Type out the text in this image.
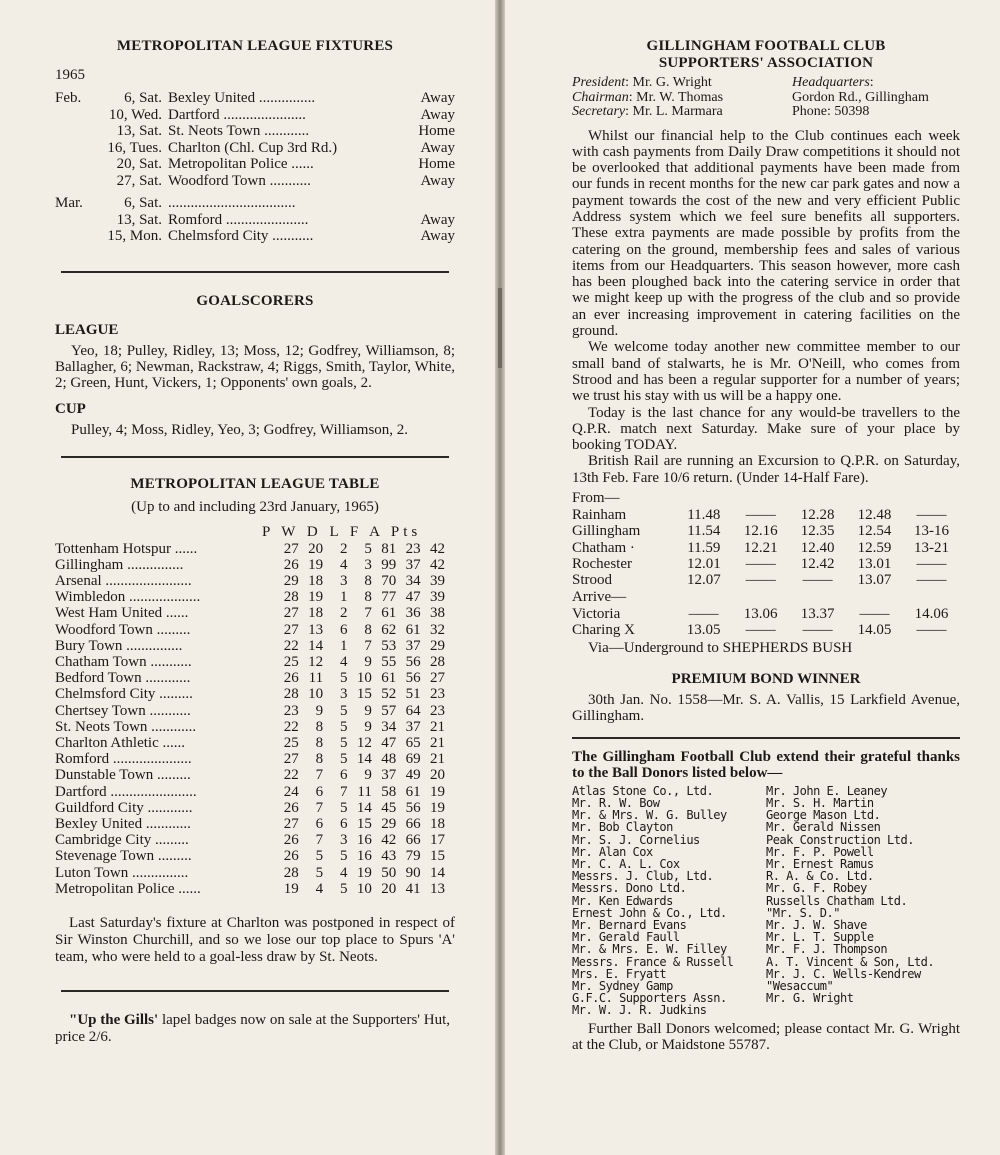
METROPOLITAN LEAGUE FIXTURES
1965
Feb.	6, Sat. Bexley United ...............	Away
10, Wed. Dartford ......................	Away
13, Sat. St. Neots Town ............	Home
16, Tues. Charlton (Chl. Cup 3rd Rd.)	Away
20, Sat. Metropolitan Police ......	Home
27, Sat. Woodford Town ...........	Away
Mar.	6, Sat. ..................................
13, Sat. Romford ......................	Away
15, Mon. Chelmsford City ...........	Away
GOALSCORERS
LEAGUE

Yeo, 18; Pulley, Ridley, 13; Moss, 12; Godfrey, Williamson, 8; Ballagher, 6; Newman, Rackstraw, 4; Riggs, Smith, Taylor, White, 2; Green, Hunt, Vickers, 1; Opponents' own goals, 2.

CUP

Pulley, 4; Moss, Ridley, Yeo, 3; Godfrey, Williamson, 2.

METROPOLITAN LEAGUE TABLE
(Up to and including 23rd January, 1965)
P W D L F A Pts
Tottenham Hotspur ......	27	20	2	5	81	23	42
Gillingham ...............	26	19	4	3	99	37	42
Arsenal .......................	29	18	3	8	70	34	39
Wimbledon ...................	28	19	1	8	77	47	39
West Ham United ......	27	18	2	7	61	36	38
Woodford Town .........	27	13	6	8	62	61	32
Bury Town ...............	22	14	1	7	53	37	29
Chatham Town ...........	25	12	4	9	55	56	28
Bedford Town ............	26	11	5	10	61	56	27
Chelmsford City .........	28	10	3	15	52	51	23
Chertsey Town ...........	23	9	5	9	57	64	23
St. Neots Town ............	22	8	5	9	34	37	21
Charlton Athletic ......	25	8	5	12	47	65	21
Romford .....................	27	8	5	14	48	69	21
Dunstable Town .........	22	7	6	9	37	49	20
Dartford .......................	24	6	7	11	58	61	19
Guildford City ............	26	7	5	14	45	56	19
Bexley United ............	27	6	6	15	29	66	18
Cambridge City .........	26	7	3	16	42	66	17
Stevenage Town .........	26	5	5	16	43	79	15
Luton Town ...............	28	5	4	19	50	90	14
Metropolitan Police ......	19	4	5	10	20	41	13

Last Saturday's fixture at Charlton was postponed in respect of Sir Winston Churchill, and so we lose our top place to Spurs 'A' team, who were held to a goal-less draw by St. Neots.

"Up the Gills' lapel badges now on sale at the Supporters' Hut, price 2/6.

GILLINGHAM FOOTBALL CLUB
SUPPORTERS' ASSOCIATION
President: Mr. G. Wright	Headquarters:
Chairman: Mr. W. Thomas	Gordon Rd., Gillingham
Secretary: Mr. L. Marmara	Phone: 50398

Whilst our financial help to the Club continues each week with cash payments from Daily Draw competitions it should not be overlooked that additional payments have been made from our funds in recent months for the new car park gates and now a payment towards the cost of the new and very efficient Public Address system which we feel sure benefits all supporters. These extra payments are made possible by profits from the catering on the ground, membership fees and sales of various items from our Headquarters. This season however, more cash has been ploughed back into the catering service in order that we might keep up with the progress of the club and so provide an ever increasing improvement in catering facilities on the ground.

We welcome today another new committee member to our small band of stalwarts, he is Mr. O'Neill, who comes from Strood and has been a regular supporter for a number of years; we trust his stay with us will be a happy one.

Today is the last chance for any would-be travellers to the Q.P.R. match next Saturday. Make sure of your place by booking TODAY.

British Rail are running an Excursion to Q.P.R. on Saturday, 13th Feb. Fare 10/6 return. (Under 14-Half Fare).

From—
Rainham	11.48	——	12.28	12.48	——
Gillingham	11.54	12.16	12.35	12.54	13-16
Chatham ·	11.59	12.21	12.40	12.59	13-21
Rochester	12.01	——	12.42	13.01	——
Strood	12.07	——	——	13.07	——
Arrive—
Victoria	——	13.06	13.37	——	14.06
Charing X	13.05	——	——	14.05	——
Via—Underground to SHEPHERDS BUSH
PREMIUM BOND WINNER

30th Jan. No. 1558—Mr. S. A. Vallis, 15 Larkfield Avenue, Gillingham.

The Gillingham Football Club extend their grateful thanks to the Ball Donors listed below—
Atlas Stone Co., Ltd.
Mr. R. W. Bow
Mr. & Mrs. W. G. Bulley
Mr. Bob Clayton
Mr. S. J. Cornelius
Mr. Alan Cox
Mr. C. A. L. Cox
Messrs. J. Club, Ltd.
Messrs. Dono Ltd.
Mr. Ken Edwards
Ernest John & Co., Ltd.
Mr. Bernard Evans
Mr. Gerald Faull
Mr. & Mrs. E. W. Filley
Messrs. France & Russell
Mrs. E. Fryatt
Mr. Sydney Gamp
G.F.C. Supporters Assn.
Mr. W. J. R. Judkins
Mr. John E. Leaney
Mr. S. H. Martin
George Mason Ltd.
Mr. Gerald Nissen
Peak Construction Ltd.
Mr. F. P. Powell
Mr. Ernest Ramus
R. A. & Co. Ltd.
Mr. G. F. Robey
Russells Chatham Ltd.
"Mr. S. D."
Mr. J. W. Shave
Mr. L. T. Supple
Mr. F. J. Thompson
A. T. Vincent & Son, Ltd.
Mr. J. C. Wells-Kendrew
"Wesaccum"
Mr. G. Wright

Further Ball Donors welcomed; please contact Mr. G. Wright at the Club, or Maidstone 55787.
